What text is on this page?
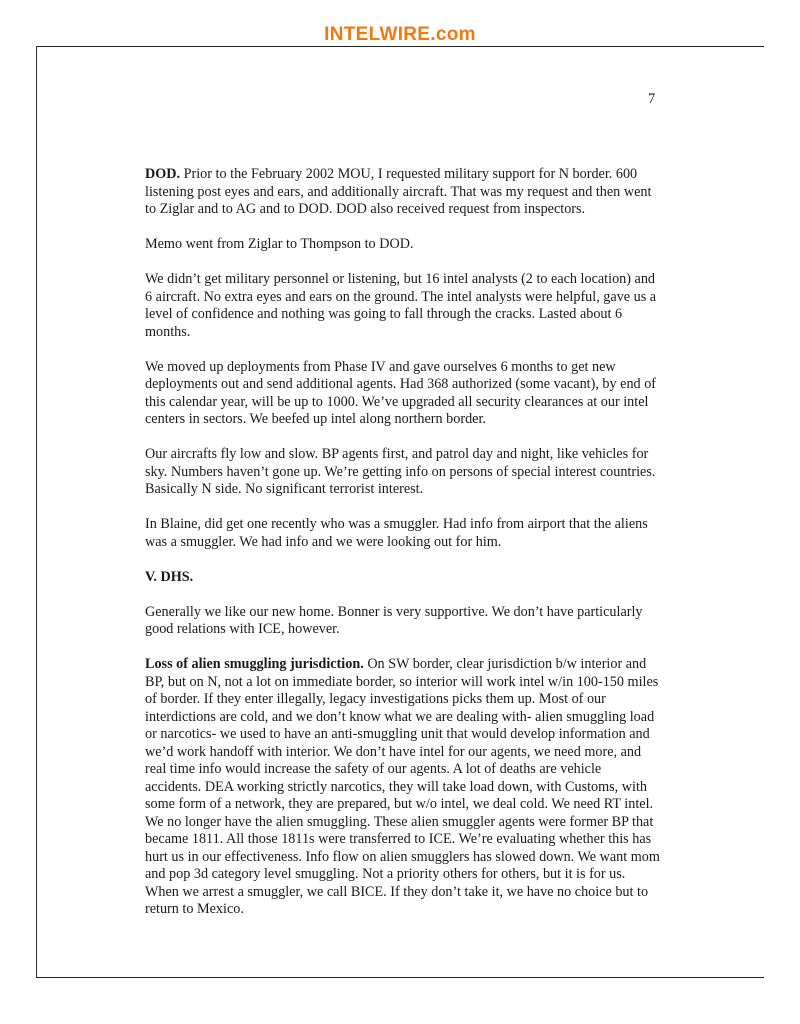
INTELWIRE.com
7

DOD. Prior to the February 2002 MOU, I requested military support for N border. 600 listening post eyes and ears, and additionally aircraft. That was my request and then went to Ziglar and to AG and to DOD. DOD also received request from inspectors.

Memo went from Ziglar to Thompson to DOD.

We didn’t get military personnel or listening, but 16 intel analysts (2 to each location) and 6 aircraft. No extra eyes and ears on the ground. The intel analysts were helpful, gave us a level of confidence and nothing was going to fall through the cracks. Lasted about 6 months.

We moved up deployments from Phase IV and gave ourselves 6 months to get new deployments out and send additional agents. Had 368 authorized (some vacant), by end of this calendar year, will be up to 1000. We’ve upgraded all security clearances at our intel centers in sectors. We beefed up intel along northern border.

Our aircrafts fly low and slow. BP agents first, and patrol day and night, like vehicles for sky. Numbers haven’t gone up. We’re getting info on persons of special interest countries. Basically N side. No significant terrorist interest.

In Blaine, did get one recently who was a smuggler. Had info from airport that the aliens was a smuggler. We had info and we were looking out for him.

V. DHS.

Generally we like our new home. Bonner is very supportive. We don’t have particularly good relations with ICE, however.

Loss of alien smuggling jurisdiction. On SW border, clear jurisdiction b/w interior and BP, but on N, not a lot on immediate border, so interior will work intel w/in 100-150 miles of border. If they enter illegally, legacy investigations picks them up. Most of our interdictions are cold, and we don’t know what we are dealing with- alien smuggling load or narcotics- we used to have an anti-smuggling unit that would develop information and we’d work handoff with interior. We don’t have intel for our agents, we need more, and real time info would increase the safety of our agents. A lot of deaths are vehicle accidents. DEA working strictly narcotics, they will take load down, with Customs, with some form of a network, they are prepared, but w/o intel, we deal cold. We need RT intel. We no longer have the alien smuggling. These alien smuggler agents were former BP that became 1811. All those 1811s were transferred to ICE. We’re evaluating whether this has hurt us in our effectiveness. Info flow on alien smugglers has slowed down. We want mom and pop 3d category level smuggling. Not a priority others for others, but it is for us. When we arrest a smuggler, we call BICE. If they don’t take it, we have no choice but to return to Mexico.
